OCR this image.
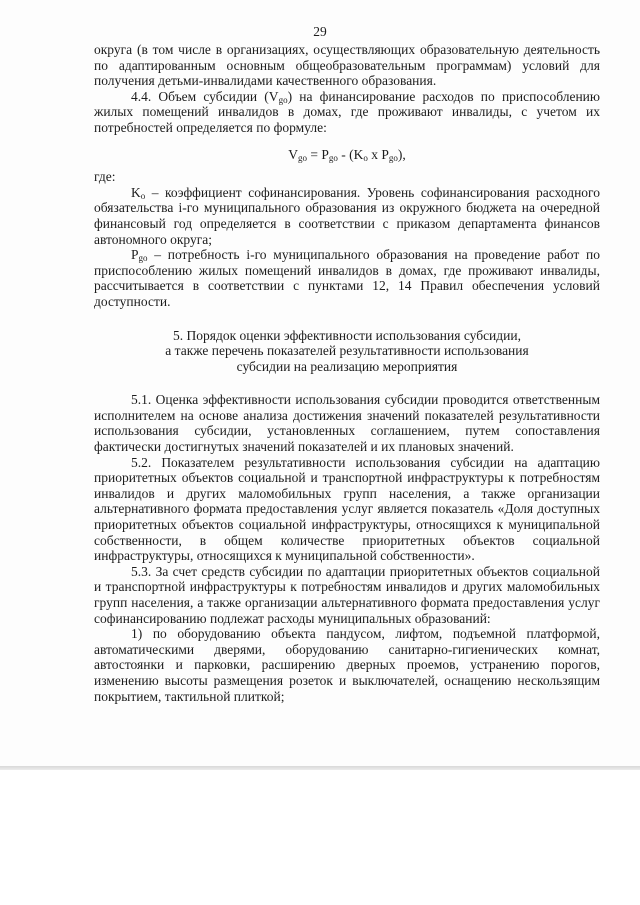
29

округа (в том числе в организациях, осуществляющих образовательную деятельность по адаптированным основным общеобразовательным программам) условий для получения детьми-инвалидами качественного образования.

4.4. Объем субсидии $(V_{go})$ на финансирование расходов по приспособлению жилых помещений инвалидов в домах, где проживают инвалиды, с учетом их потребностей определяется по формуле:

$V_{go} = P_{go} - (K_o$ x $P_{go}$),

где:

$K_o$ – коэффициент софинансирования. Уровень софинансирования расходного обязательства i-го муниципального образования из окружного бюджета на очередной финансовый год определяется в соответствии с приказом департамента финансов автономного округа;

$P_{go}$ – потребность i-го муниципального образования на проведение работ по приспособлению жилых помещений инвалидов в домах, где проживают инвалиды, рассчитывается в соответствии с пунктами 12, 14 Правил обеспечения условий доступности.

5. Порядок оценки эффективности использования субсидии,
а также перечень показателей результативности использования
субсидии на реализацию мероприятия

5.1. Оценка эффективности использования субсидии проводится ответственным исполнителем на основе анализа достижения значений показателей результативности использования субсидии, установленных соглашением, путем сопоставления фактически достигнутых значений показателей и их плановых значений.

5.2. Показателем результативности использования субсидии на адаптацию приоритетных объектов социальной и транспортной инфраструктуры к потребностям инвалидов и других маломобильных групп населения, а также организации альтернативного формата предоставления услуг является показатель «Доля доступных приоритетных объектов социальной инфраструктуры, относящихся к муниципальной собственности, в общем количестве приоритетных объектов социальной инфраструктуры, относящихся к муниципальной собственности».

5.3. За счет средств субсидии по адаптации приоритетных объектов социальной и транспортной инфраструктуры к потребностям инвалидов и других маломобильных групп населения, а также организации альтернативного формата предоставления услуг софинансированию подлежат расходы муниципальных образований:

1) по оборудованию объекта пандусом, лифтом, подъемной платформой, автоматическими дверями, оборудованию санитарно-гигиенических комнат, автостоянки и парковки, расширению дверных проемов, устранению порогов, изменению высоты размещения розеток и выключателей, оснащению нескользящим покрытием, тактильной плиткой;
